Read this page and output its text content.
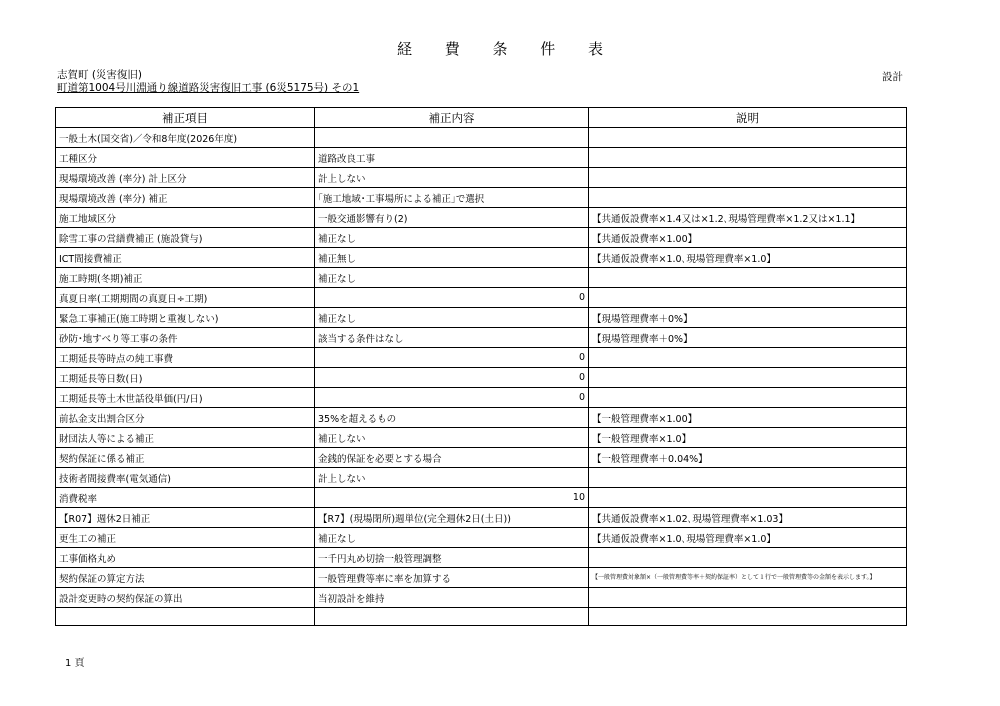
経 費 条 件 表
志賀町 (災害復旧)
町道第1004号川淵通り線道路災害復旧工事 (6災5175号) その1
設計
補正項目	補正内容	説明
一般土木(国交省)／令和8年度(2026年度)		
工種区分	道路改良工事	
現場環境改善 (率分) 計上区分	計上しない	
現場環境改善 (率分) 補正	｢施工地域･工事場所による補正｣で選択	
施工地域区分	一般交通影響有り(2)	【共通仮設費率×1.4又は×1.2､現場管理費率×1.2又は×1.1】
除雪工事の営繕費補正 (施設貸与)	補正なし	【共通仮設費率×1.00】
ICT間接費補正	補正無し	【共通仮設費率×1.0､現場管理費率×1.0】
施工時期(冬期)補正	補正なし	
真夏日率(工期期間の真夏日÷工期)	0	
緊急工事補正(施工時期と重複しない)	補正なし	【現場管理費率＋0%】
砂防･地すべり等工事の条件	該当する条件はなし	【現場管理費率＋0%】
工期延長等時点の純工事費	0	
工期延長等日数(日)	0	
工期延長等土木世話役単価(円/日)	0	
前払金支出割合区分	35%を超えるもの	【一般管理費率×1.00】
財団法人等による補正	補正しない	【一般管理費率×1.0】
契約保証に係る補正	金銭的保証を必要とする場合	【一般管理費率＋0.04%】
技術者間接費率(電気通信)	計上しない	
消費税率	10	
【R07】週休2日補正	【R7】(現場閉所)週単位(完全週休2日(土日))	【共通仮設費率×1.02､現場管理費率×1.03】
更生工の補正	補正なし	【共通仮設費率×1.0､現場管理費率×1.0】
工事価格丸め	一千円丸め切捨一般管理調整	
契約保証の算定方法	一般管理費等率に率を加算する	【一般管理費対象額×（一般管理費等率＋契約保証率）として１行で一般管理費等の金額を表示します。】
設計変更時の契約保証の算出	当初設計を維持	

1 頁
